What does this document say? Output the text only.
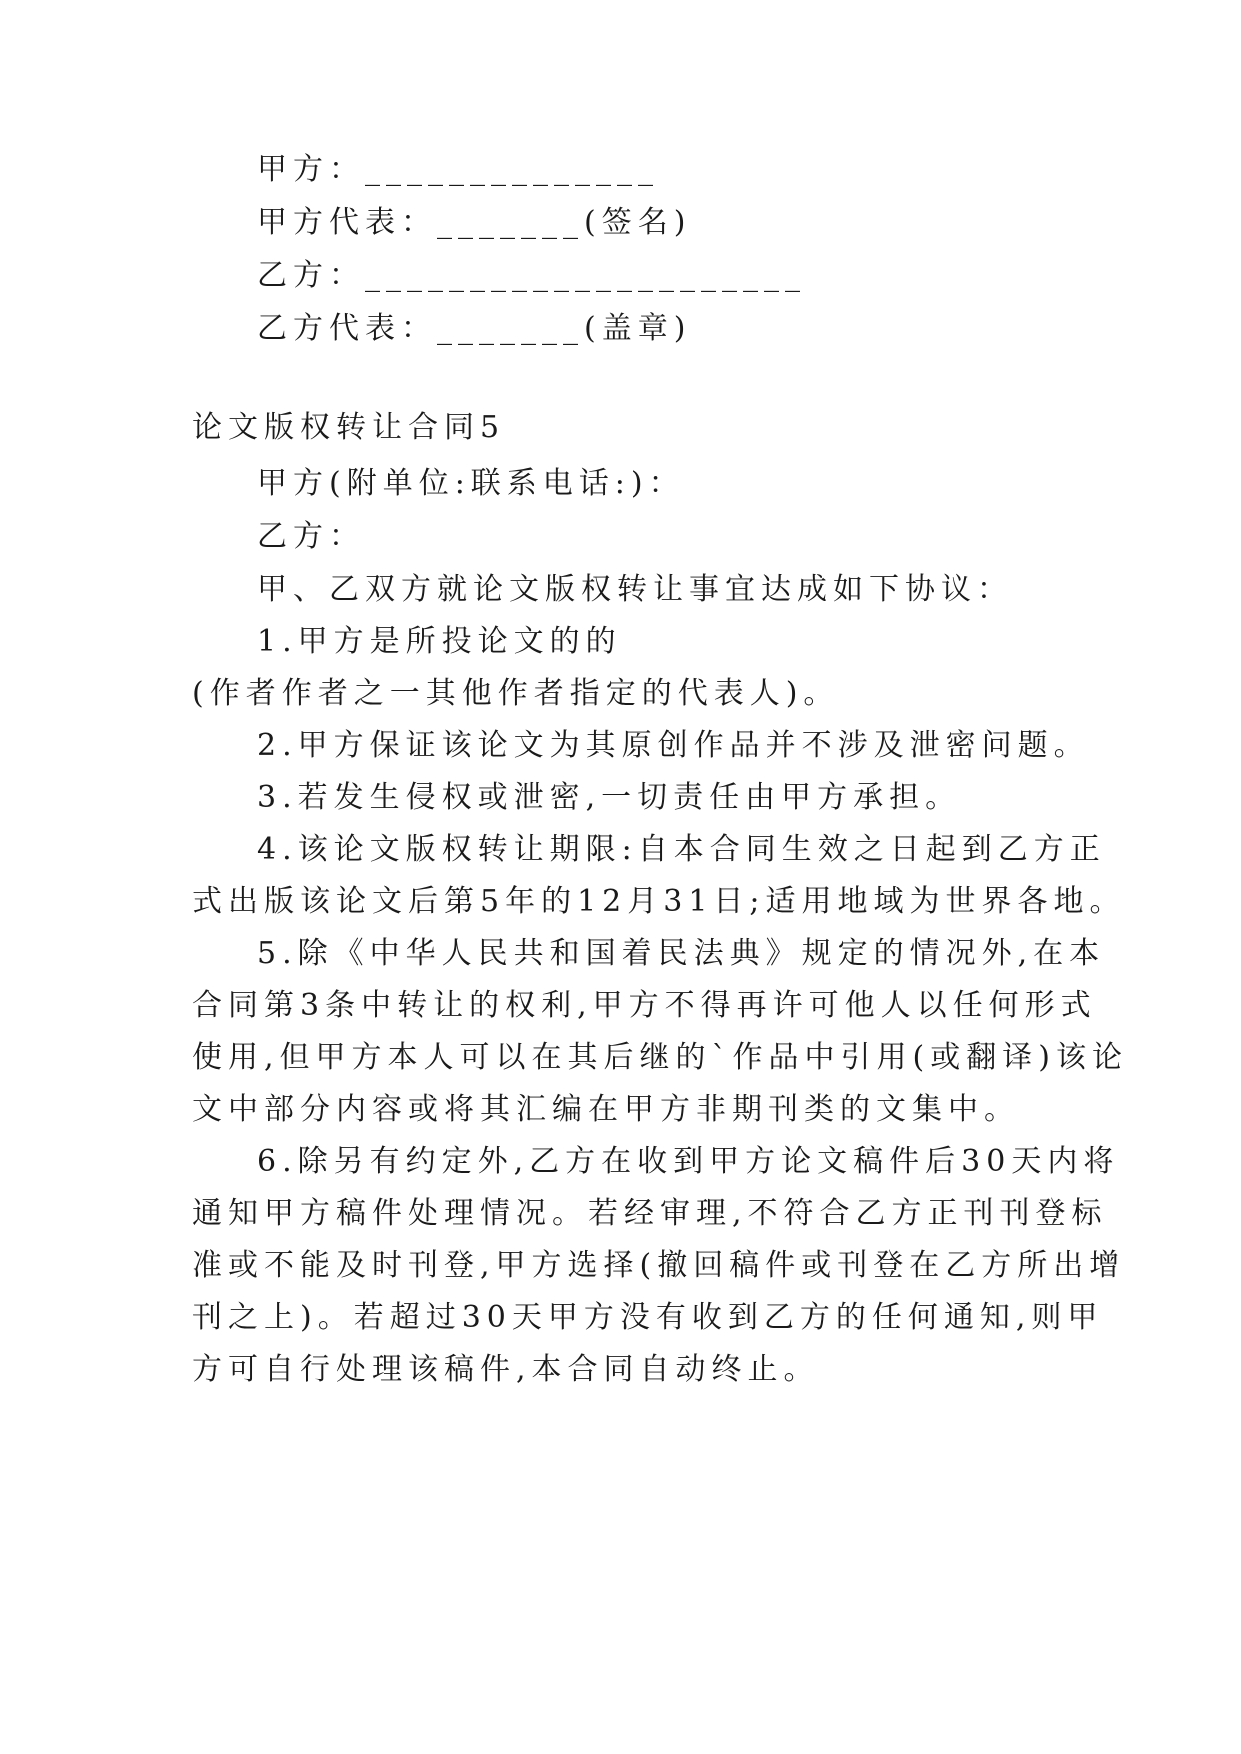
甲方：______________

甲方代表：_______(签名)

乙方：_____________________

乙方代表：_______(盖章)

论文版权转让合同5

甲方(附单位:联系电话:)：

乙方：

甲、乙双方就论文版权转让事宜达成如下协议：

1.甲方是所投论文的的

(作者作者之一其他作者指定的代表人)。

2.甲方保证该论文为其原创作品并不涉及泄密问题。

3.若发生侵权或泄密,一切责任由甲方承担。

4.该论文版权转让期限:自本合同生效之日起到乙方正

式出版该论文后第5年的12月31日;适用地域为世界各地。

5.除《中华人民共和国着民法典》规定的情况外,在本

合同第3条中转让的权利,甲方不得再许可他人以任何形式

使用,但甲方本人可以在其后继的`作品中引用(或翻译)该论

文中部分内容或将其汇编在甲方非期刊类的文集中。

6.除另有约定外,乙方在收到甲方论文稿件后30天内将

通知甲方稿件处理情况。若经审理,不符合乙方正刊刊登标

准或不能及时刊登,甲方选择(撤回稿件或刊登在乙方所出增

刊之上)。若超过30天甲方没有收到乙方的任何通知,则甲

方可自行处理该稿件,本合同自动终止。
